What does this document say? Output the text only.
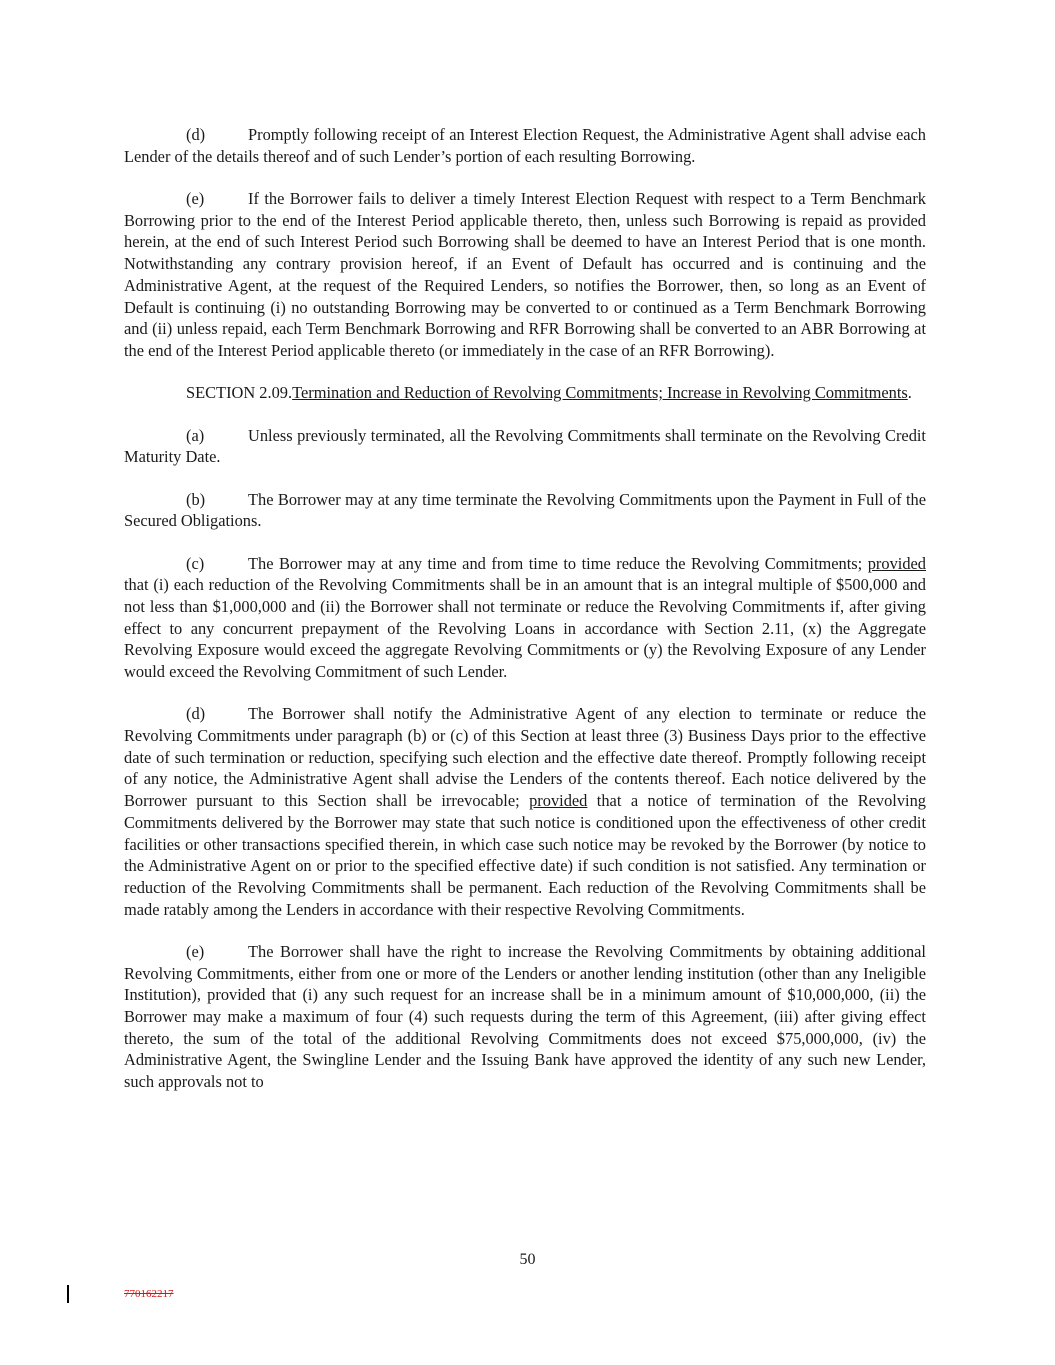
(d)	Promptly following receipt of an Interest Election Request, the Administrative Agent shall advise each Lender of the details thereof and of such Lender’s portion of each resulting Borrowing.

(e)	If the Borrower fails to deliver a timely Interest Election Request with respect to a Term Benchmark Borrowing prior to the end of the Interest Period applicable thereto, then, unless such Borrowing is repaid as provided herein, at the end of such Interest Period such Borrowing shall be deemed to have an Interest Period that is one month. Notwithstanding any contrary provision hereof, if an Event of Default has occurred and is continuing and the Administrative Agent, at the request of the Required Lenders, so notifies the Borrower, then, so long as an Event of Default is continuing (i) no outstanding Borrowing may be converted to or continued as a Term Benchmark Borrowing and (ii) unless repaid, each Term Benchmark Borrowing and RFR Borrowing shall be converted to an ABR Borrowing at the end of the Interest Period applicable thereto (or immediately in the case of an RFR Borrowing).

SECTION 2.09.Termination and Reduction of Revolving Commitments; Increase in Revolving Commitments.

(a)	Unless previously terminated, all the Revolving Commitments shall terminate on the Revolving Credit Maturity Date.

(b)	The Borrower may at any time terminate the Revolving Commitments upon the Payment in Full of the Secured Obligations.

(c)	The Borrower may at any time and from time to time reduce the Revolving Commitments; provided that (i) each reduction of the Revolving Commitments shall be in an amount that is an integral multiple of $500,000 and not less than $1,000,000 and (ii) the Borrower shall not terminate or reduce the Revolving Commitments if, after giving effect to any concurrent prepayment of the Revolving Loans in accordance with Section 2.11, (x) the Aggregate Revolving Exposure would exceed the aggregate Revolving Commitments or (y) the Revolving Exposure of any Lender would exceed the Revolving Commitment of such Lender.

(d)	The Borrower shall notify the Administrative Agent of any election to terminate or reduce the Revolving Commitments under paragraph (b) or (c) of this Section at least three (3) Business Days prior to the effective date of such termination or reduction, specifying such election and the effective date thereof. Promptly following receipt of any notice, the Administrative Agent shall advise the Lenders of the contents thereof. Each notice delivered by the Borrower pursuant to this Section shall be irrevocable; provided that a notice of termination of the Revolving Commitments delivered by the Borrower may state that such notice is conditioned upon the effectiveness of other credit facilities or other transactions specified therein, in which case such notice may be revoked by the Borrower (by notice to the Administrative Agent on or prior to the specified effective date) if such condition is not satisfied. Any termination or reduction of the Revolving Commitments shall be permanent. Each reduction of the Revolving Commitments shall be made ratably among the Lenders in accordance with their respective Revolving Commitments.

(e)	The Borrower shall have the right to increase the Revolving Commitments by obtaining additional Revolving Commitments, either from one or more of the Lenders or another lending institution (other than any Ineligible Institution), provided that (i) any such request for an increase shall be in a minimum amount of $10,000,000, (ii) the Borrower may make a maximum of four (4) such requests during the term of this Agreement, (iii) after giving effect thereto, the sum of the total of the additional Revolving Commitments does not exceed $75,000,000, (iv) the Administrative Agent, the Swingline Lender and the Issuing Bank have approved the identity of any such new Lender, such approvals not to

50
770162217
